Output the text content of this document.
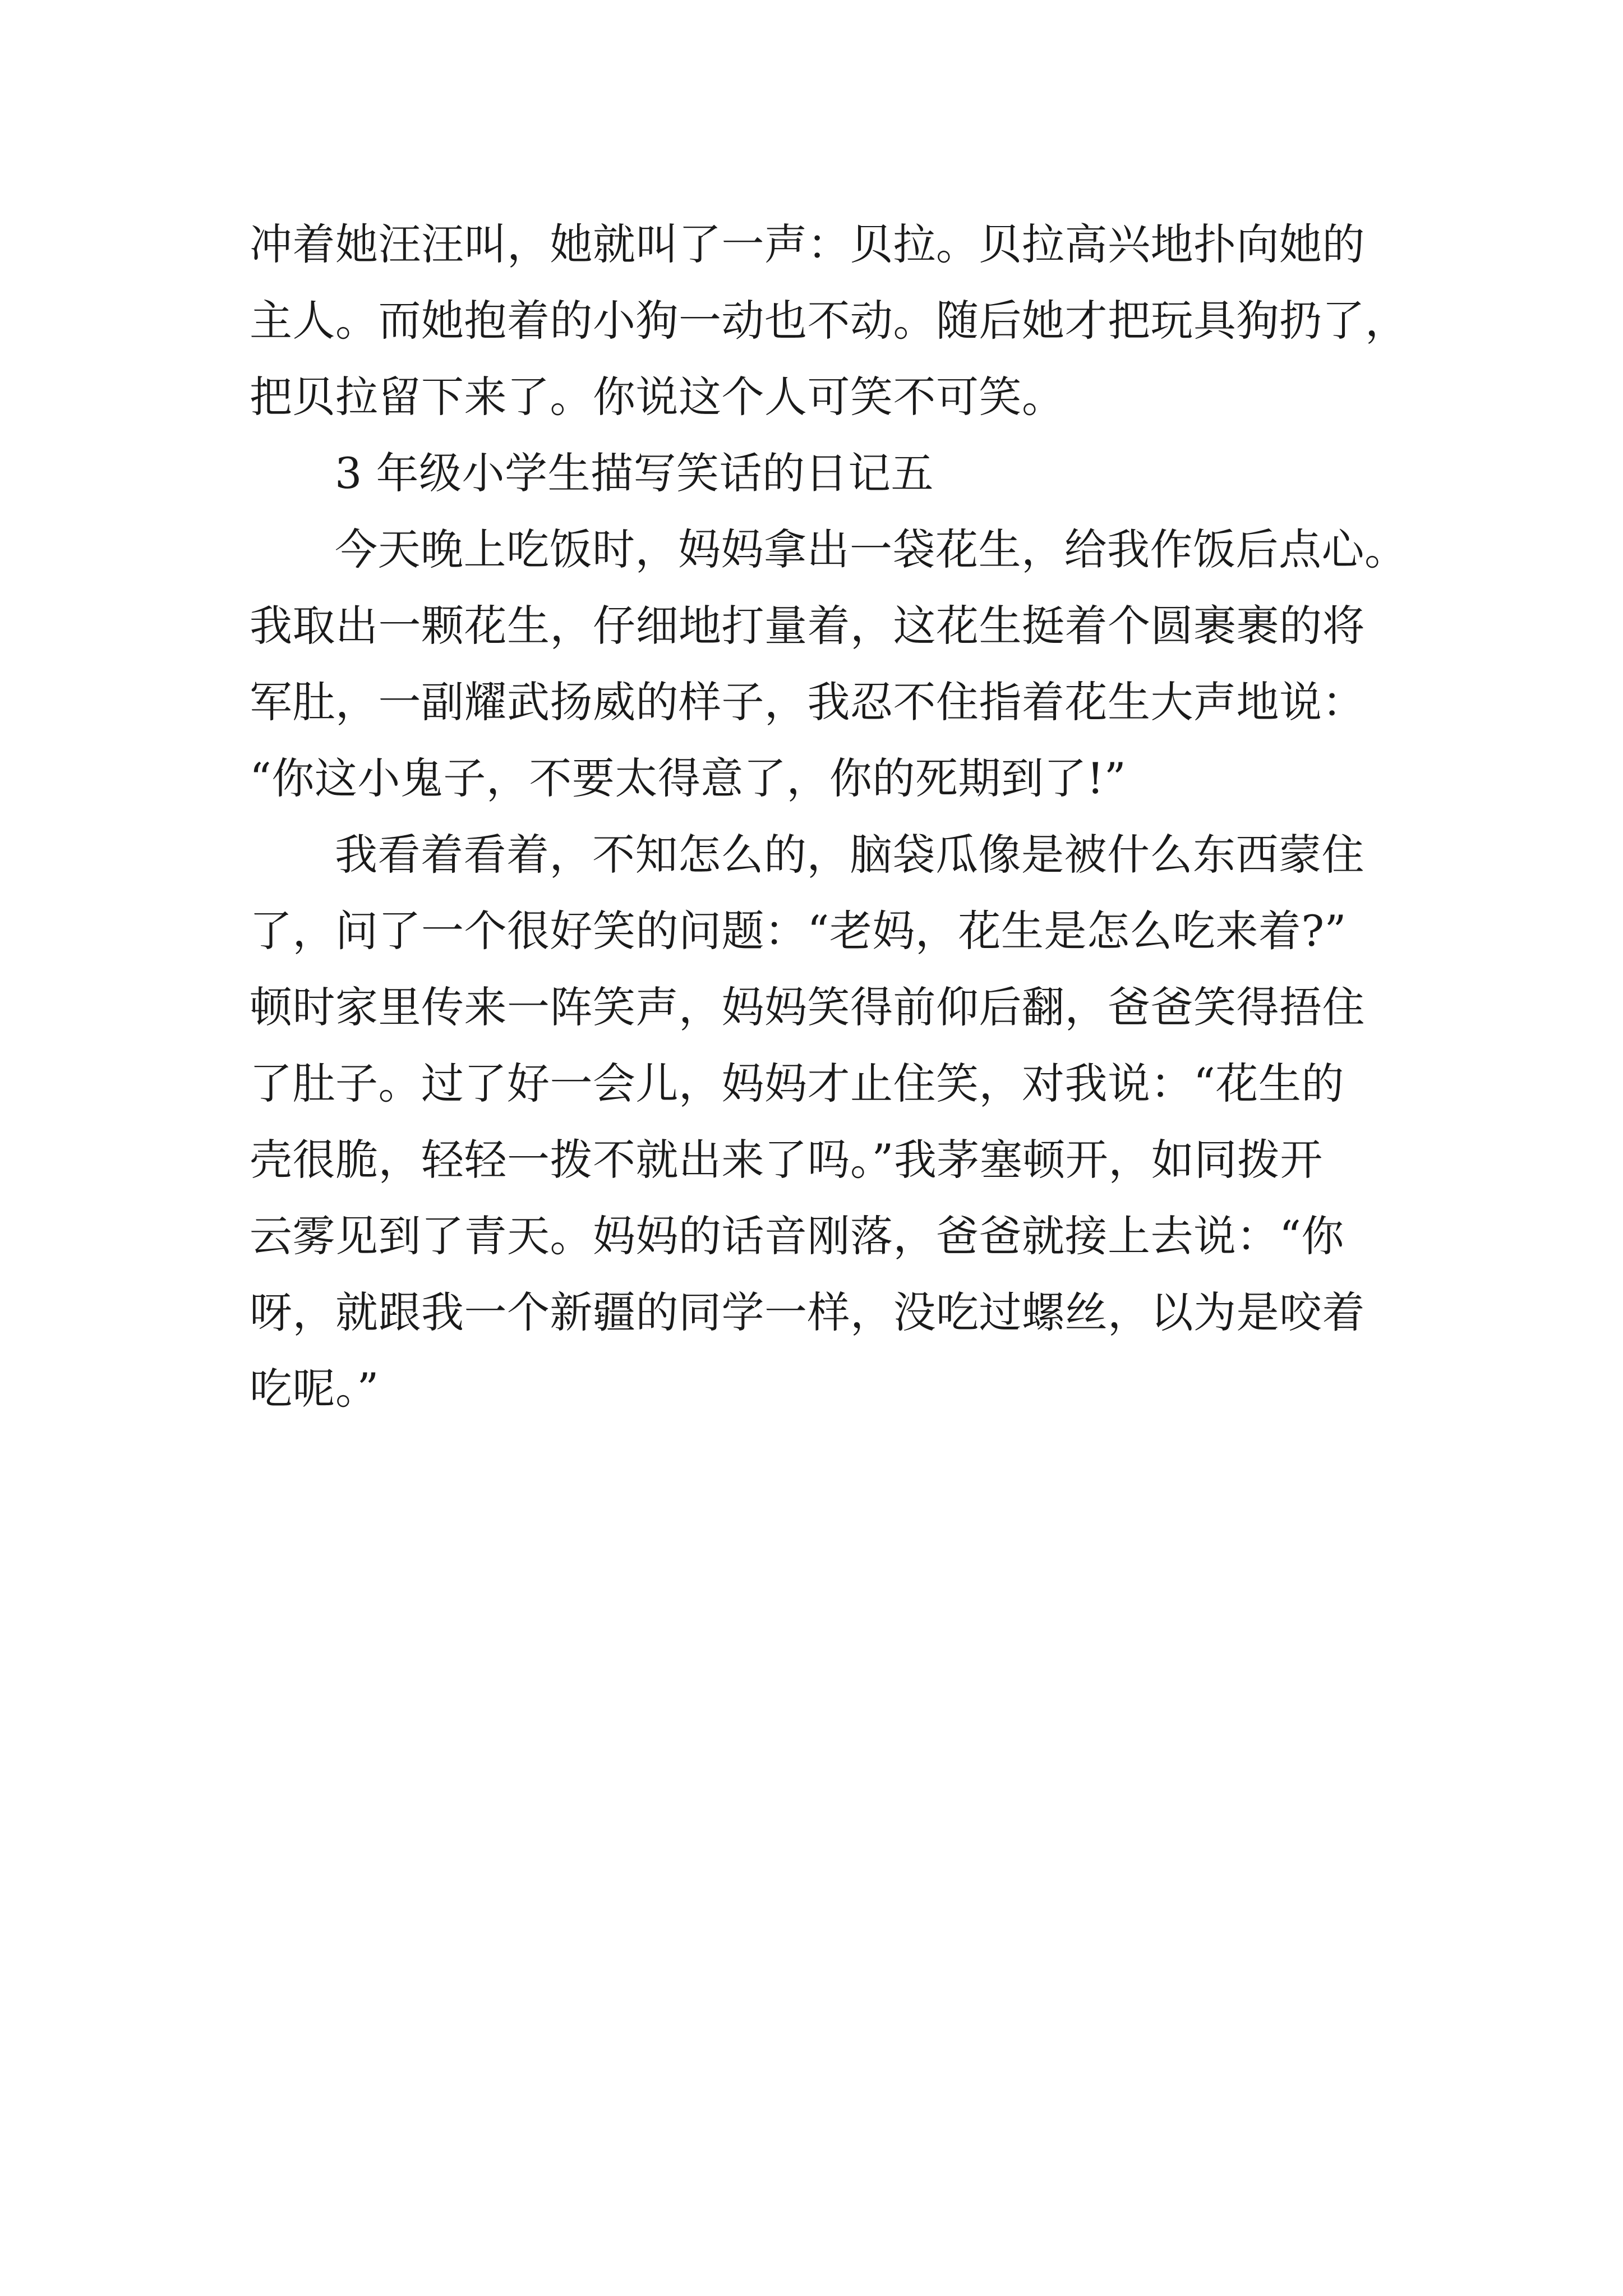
冲着她汪汪叫，她就叫了一声：贝拉。贝拉高兴地扑向她的
主人。而她抱着的小狗一动也不动。随后她才把玩具狗扔了，
把贝拉留下来了。你说这个人可笑不可笑。
3 年级小学生描写笑话的日记五
今天晚上吃饭时，妈妈拿出一袋花生，给我作饭后点心。
我取出一颗花生，仔细地打量着，这花生挺着个圆裹裹的将
军肚，一副耀武扬威的样子，我忍不住指着花生大声地说：
“你这小鬼子，不要太得意了，你的死期到了!”
我看着看着，不知怎么的，脑袋瓜像是被什么东西蒙住
了，问了一个很好笑的问题：“老妈，花生是怎么吃来着?”
顿时家里传来一阵笑声，妈妈笑得前仰后翻，爸爸笑得捂住
了肚子。过了好一会儿，妈妈才止住笑，对我说：“花生的
壳很脆，轻轻一拨不就出来了吗。”我茅塞顿开，如同拨开
云雾见到了青天。妈妈的话音刚落，爸爸就接上去说：“你
呀，就跟我一个新疆的同学一样，没吃过螺丝，以为是咬着
吃呢。”
